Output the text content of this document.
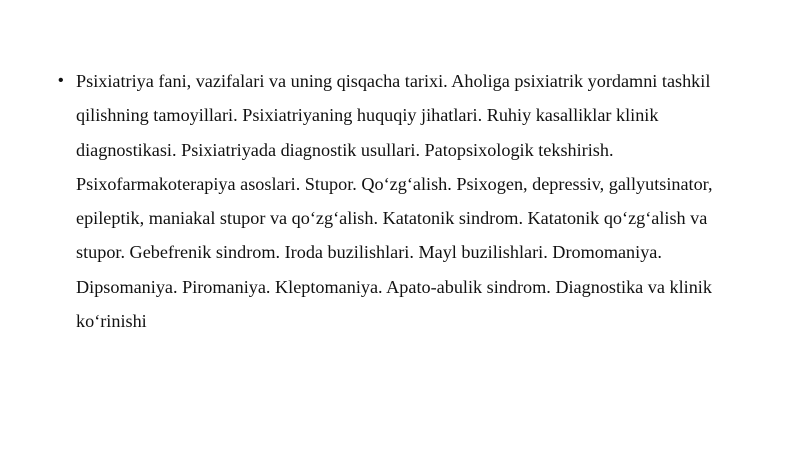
• Psixiatriya fani, vazifalari va uning qisqacha tarixi. Aholiga psixiatrik yordamni tashkil qilishning tamoyillari. Psixiatriyaning huquqiy jihatlari. Ruhiy kasalliklar klinik diagnostikasi. Psixiatriyada diagnostik usullari. Patopsixologik tekshirish. Psixofarmakoterapiya asoslari. Stupor. Qo‘zg‘alish. Psixogen, depressiv, gallyutsinator, epileptik, maniakal stupor va qo‘zg‘alish. Katatonik sindrom. Katatonik qo‘zg‘alish va stupor. Gebefrenik sindrom. Iroda buzilishlari. Mayl buzilishlari. Dromomaniya. Dipsomaniya. Piromaniya. Kleptomaniya. Apato-abulik sindrom. Diagnostika va klinik ko‘rinishi
